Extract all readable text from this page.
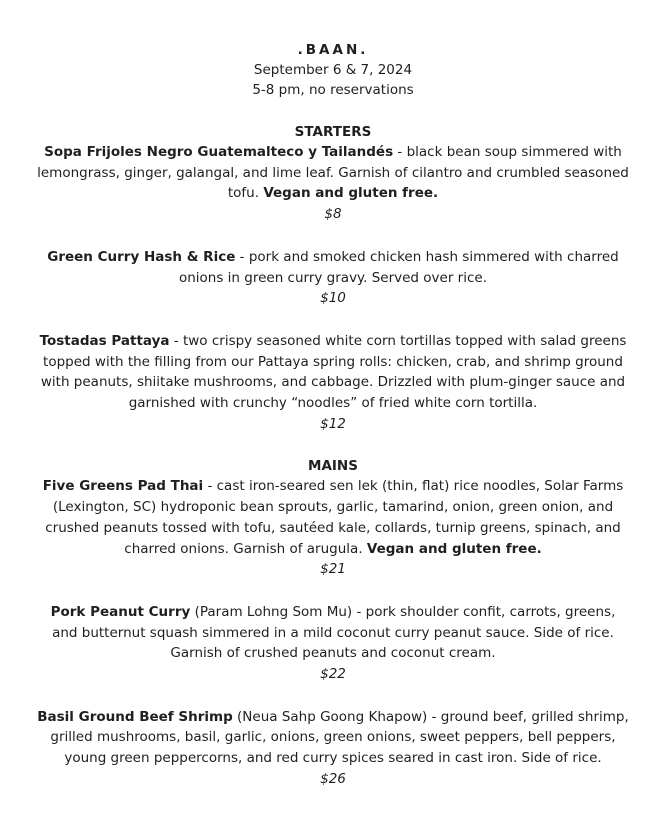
.BAAN.
September 6 & 7, 2024
5-8 pm, no reservations
STARTERS
Sopa Frijoles Negro Guatemalteco y Tailandés - black bean soup simmered with lemongrass, ginger, galangal, and lime leaf. Garnish of cilantro and crumbled seasoned tofu. Vegan and gluten free.
$8
Green Curry Hash & Rice - pork and smoked chicken hash simmered with charred onions in green curry gravy. Served over rice.
$10
Tostadas Pattaya - two crispy seasoned white corn tortillas topped with salad greens topped with the filling from our Pattaya spring rolls: chicken, crab, and shrimp ground with peanuts, shiitake mushrooms, and cabbage. Drizzled with plum-ginger sauce and garnished with crunchy “noodles” of fried white corn tortilla.
$12
MAINS
Five Greens Pad Thai - cast iron-seared sen lek (thin, flat) rice noodles, Solar Farms (Lexington, SC) hydroponic bean sprouts, garlic, tamarind, onion, green onion, and crushed peanuts tossed with tofu, sautéed kale, collards, turnip greens, spinach, and charred onions. Garnish of arugula. Vegan and gluten free.
$21
Pork Peanut Curry (Param Lohng Som Mu) - pork shoulder confit, carrots, greens, and butternut squash simmered in a mild coconut curry peanut sauce. Side of rice. Garnish of crushed peanuts and coconut cream.
$22
Basil Ground Beef Shrimp (Neua Sahp Goong Khapow) - ground beef, grilled shrimp, grilled mushrooms, basil, garlic, onions, green onions, sweet peppers, bell peppers, young green peppercorns, and red curry spices seared in cast iron. Side of rice.
$26
